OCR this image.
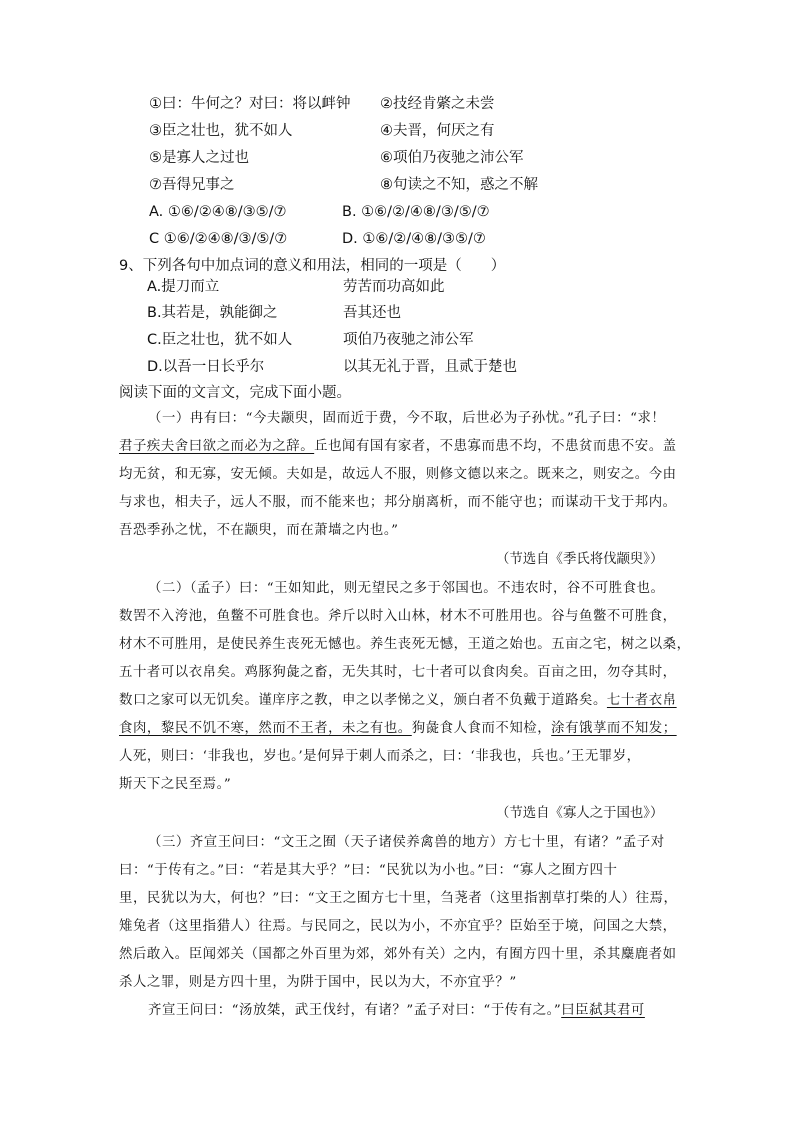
①曰：牛何之？对曰：将以衅钟 ②技经肯綮之未尝
③臣之壮也，犹不如人	④夫晋，何厌之有
⑤是寡人之过也	⑥项伯乃夜驰之沛公军
⑦吾得兄事之	⑧句读之不知，惑之不解
A. ①⑥/②④⑧/③⑤/⑦	B. ①⑥/②/④⑧/③/⑤/⑦
C ①⑥/②④⑧/③/⑤/⑦	D. ①⑥/②/④⑧/③⑤/⑦
9、下列各句中加点词的意义和用法，相同的一项是（　　）
A.提刀而立	劳苦而功高如此
B.其若是，孰能御之	吾其还也
C.臣之壮也，犹不如人	项伯乃夜驰之沛公军
D.以吾一日长乎尔	以其无礼于晋，且贰于楚也
阅读下面的文言文，完成下面小题。
（一）冉有曰：“今夫颛臾，固而近于费，今不取，后世必为子孙忧。”孔子曰：“求！
君子疾夫舍曰欲之而必为之辞。丘也闻有国有家者，不患寡而患不均，不患贫而患不安。盖
均无贫，和无寡，安无倾。夫如是，故远人不服，则修文德以来之。既来之，则安之。今由
与求也，相夫子，远人不服，而不能来也；邦分崩离析，而不能守也；而谋动干戈于邦内。
吾恐季孙之忧，不在颛臾，而在萧墙之内也。”
（节选自《季氏将伐颛臾》）
（二）（孟子）曰：“王如知此，则无望民之多于邻国也。不违农时，谷不可胜食也。
数罟不入洿池，鱼鳖不可胜食也。斧斤以时入山林，材木不可胜用也。谷与鱼鳖不可胜食，
材木不可胜用，是使民养生丧死无憾也。养生丧死无憾，王道之始也。五亩之宅，树之以桑，
五十者可以衣帛矣。鸡豚狗彘之畜，无失其时，七十者可以食肉矣。百亩之田，勿夺其时，
数口之家可以无饥矣。谨庠序之教，申之以孝悌之义，颁白者不负戴于道路矣。七十者衣帛
食肉，黎民不饥不寒，然而不王者，未之有也。狗彘食人食而不知检，涂有饿莩而不知发；
人死，则曰：‘非我也，岁也。’是何异于刺人而杀之，曰：‘非我也，兵也。’王无罪岁，
斯天下之民至焉。”
（节选自《寡人之于国也》）
（三）齐宣王问曰：“文王之囿（天子诸侯养禽兽的地方）方七十里，有诸？”孟子对
曰：“于传有之。”曰：“若是其大乎？”曰：“民犹以为小也。”曰：“寡人之囿方四十
里，民犹以为大，何也？”曰：“文王之囿方七十里，刍荛者（这里指割草打柴的人）往焉，
雉兔者（这里指猎人）往焉。与民同之，民以为小，不亦宜乎？臣始至于境，问国之大禁，
然后敢入。臣闻郊关（国都之外百里为郊，郊外有关）之内，有囿方四十里，杀其麋鹿者如
杀人之罪，则是方四十里，为阱于国中，民以为大，不亦宜乎？”
齐宣王问曰：“汤放桀，武王伐纣，有诸？”孟子对曰：“于传有之。”曰臣弑其君可
